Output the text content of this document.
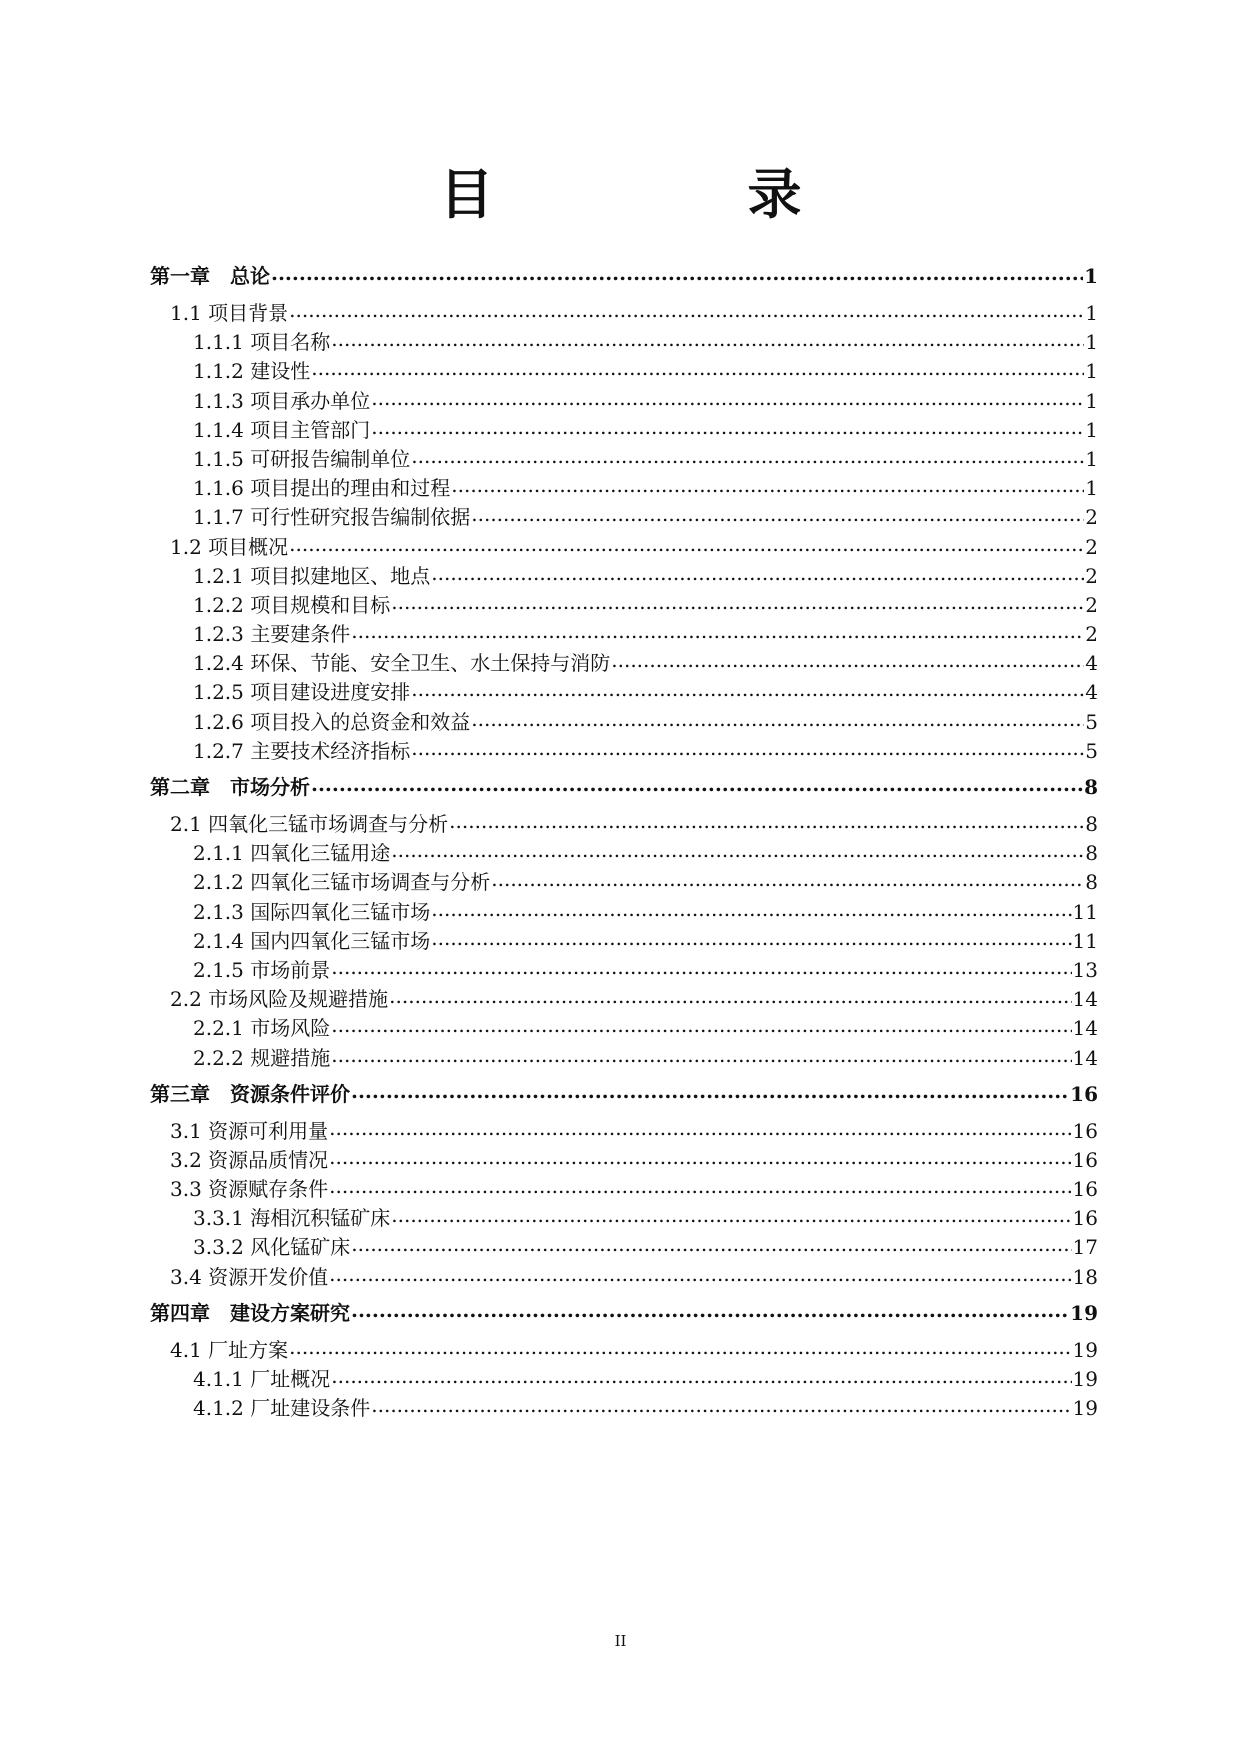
目　录
第一章　总论 .....	1
1.1 项目背景 .....	1
1.1.1 项目名称 .....	1
1.1.2 建设性 .....	1
1.1.3 项目承办单位 .....	1
1.1.4 项目主管部门 .....	1
1.1.5 可研报告编制单位 .....	1
1.1.6 项目提出的理由和过程 .....	1
1.1.7 可行性研究报告编制依据 .....	2
1.2 项目概况 .....	2
1.2.1 项目拟建地区、地点 .....	2
1.2.2 项目规模和目标 .....	2
1.2.3 主要建条件 .....	2
1.2.4 环保、节能、安全卫生、水土保持与消防 .....	4
1.2.5 项目建设进度安排 .....	4
1.2.6 项目投入的总资金和效益 .....	5
1.2.7 主要技术经济指标 .....	5
第二章　市场分析 .....	8
2.1 四氧化三锰市场调查与分析 .....	8
2.1.1 四氧化三锰用途 .....	8
2.1.2 四氧化三锰市场调查与分析 .....	8
2.1.3 国际四氧化三锰市场 .....	11
2.1.4 国内四氧化三锰市场 .....	11
2.1.5 市场前景 .....	13
2.2 市场风险及规避措施 .....	14
2.2.1 市场风险 .....	14
2.2.2 规避措施 .....	14
第三章　资源条件评价 .....	16
3.1 资源可利用量 .....	16
3.2 资源品质情况 .....	16
3.3 资源赋存条件 .....	16
3.3.1 海相沉积锰矿床 .....	16
3.3.2 风化锰矿床 .....	17
3.4 资源开发价值 .....	18
第四章　建设方案研究 .....	19
4.1 厂址方案 .....	19
4.1.1 厂址概况 .....	19
4.1.2 厂址建设条件 .....	19
II
